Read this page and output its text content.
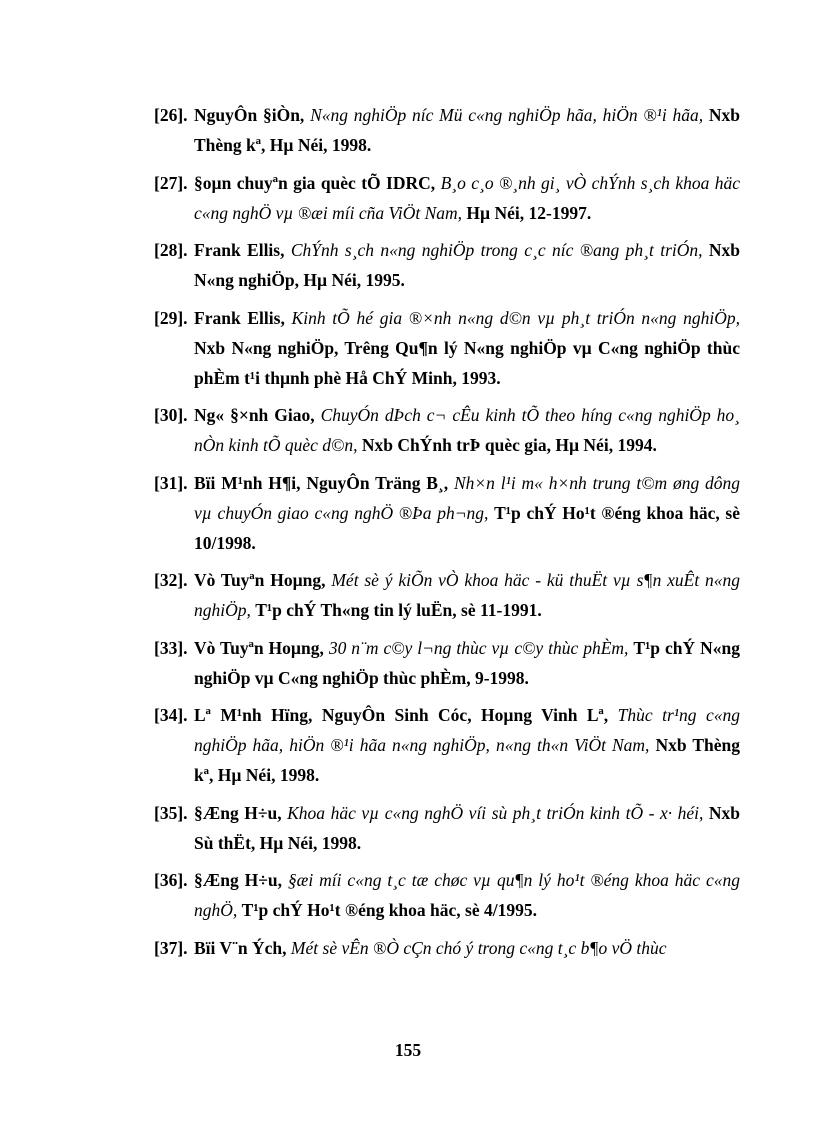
[26]. NguyÔn §iÒn, N«ng nghiÖp níc Mü c«ng nghiÖp hãa, hiÖn ®¹i hãa, Nxb Thèng kª, Hµ Néi, 1998.
[27]. §oµn chuyªn gia quèc tÕ IDRC, B¸o c¸o ®¸nh gi¸ vÒ chÝnh s¸ch khoa häc c«ng nghÖ vµ ®æi míi cña ViÖt Nam, Hµ Néi, 12-1997.
[28]. Frank Ellis, ChÝnh s¸ch n«ng nghiÖp trong c¸c níc ®ang ph¸t triÓn, Nxb N«ng nghiÖp, Hµ Néi, 1995.
[29]. Frank Ellis, Kinh tÕ hé gia ®×nh n«ng d©n vµ ph¸t triÓn n«ng nghiÖp, Nxb N«ng nghiÖp, Trêng Qu¶n lý N«ng nghiÖp vµ C«ng nghiÖp thùc phÈm t¹i thµnh phè Hå ChÝ Minh, 1993.
[30]. Ng« §×nh Giao, ChuyÓn dÞch c¬ cÊu kinh tÕ theo híng c«ng nghiÖp ho¸ nÒn kinh tÕ quèc d©n, Nxb ChÝnh trÞ quèc gia, Hµ Néi, 1994.
[31]. Bïi M¹nh H¶i, NguyÔn Träng B¸, Nh×n l¹i m« h×nh trung t©m øng dông vµ chuyÓn giao c«ng nghÖ ®Þa ph¬ng, T¹p chÝ Ho¹t ®éng khoa häc, sè 10/1998.
[32]. Vò Tuyªn Hoµng, Mét sè ý kiÕn vÒ khoa häc - kü thuËt vµ s¶n xuÊt n«ng nghiÖp, T¹p chÝ Th«ng tin lý luËn, sè 11-1991.
[33]. Vò Tuyªn Hoµng, 30 n¨m c©y l¬ng thùc vµ c©y thùc phÈm, T¹p chÝ N«ng nghiÖp vµ C«ng nghiÖp thùc phÈm, 9-1998.
[34]. Lª M¹nh Hïng, NguyÔn Sinh Cóc, Hoµng Vinh Lª, Thùc tr¹ng c«ng nghiÖp hãa, hiÖn ®¹i hãa n«ng nghiÖp, n«ng th«n ViÖt Nam, Nxb Thèng kª, Hµ Néi, 1998.
[35]. §Æng H÷u, Khoa häc vµ c«ng nghÖ víi sù ph¸t triÓn kinh tÕ - x· héi, Nxb Sù thËt, Hµ Néi, 1998.
[36]. §Æng H÷u, §æi míi c«ng t¸c tæ chøc vµ qu¶n lý ho¹t ®éng khoa häc c«ng nghÖ, T¹p chÝ Ho¹t ®éng khoa häc, sè 4/1995.
[37]. Bïi V¨n Ých, Mét sè vÊn ®Ò cÇn chó ý trong c«ng t¸c b¶o vÖ thùc
155
